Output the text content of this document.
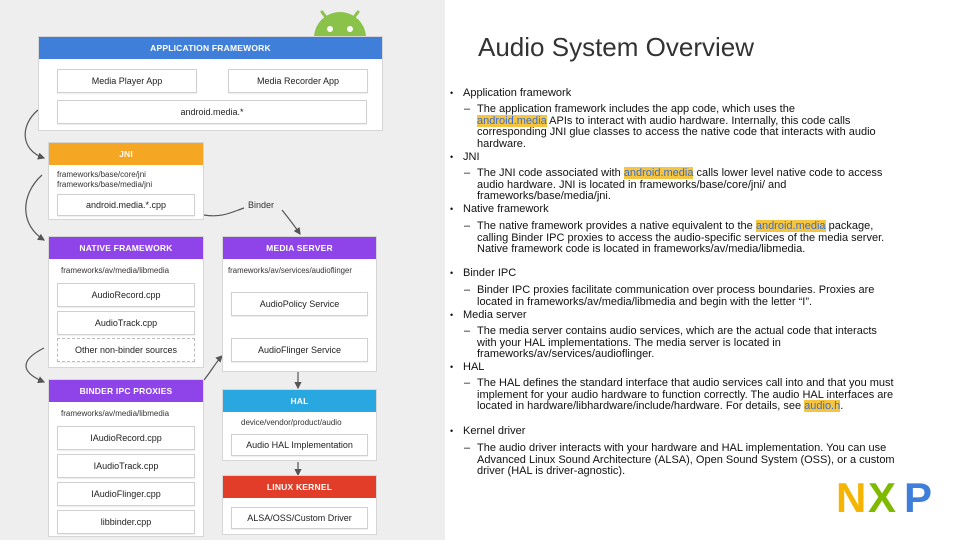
APPLICATION FRAMEWORK
Media Player App	Media Recorder App
android.media.*
JNI
frameworks/base/core/jni
frameworks/base/media/jni
android.media.*.cpp	Binder
NATIVE FRAMEWORK
frameworks/av/media/libmedia
AudioRecord.cpp
AudioTrack.cpp
Other non-binder sources
MEDIA SERVER
frameworks/av/services/audioflinger
AudioPolicy Service
AudioFlinger Service
BINDER IPC PROXIES
frameworks/av/media/libmedia
IAudioRecord.cpp
IAudioTrack.cpp
IAudioFlinger.cpp
libbinder.cpp
HAL
device/vendor/product/audio
Audio HAL Implementation
LINUX KERNEL
ALSA/OSS/Custom Driver
Audio System Overview
• Application framework
– The application framework includes the app code, which uses the
android.media APIs to interact with audio hardware. Internally, this code calls corresponding JNI glue classes to access the native code that interacts with audio hardware.
• JNI
– The JNI code associated with android.media calls lower level native code to access audio hardware. JNI is located in frameworks/base/core/jni/ and frameworks/base/media/jni.
• Native framework
– The native framework provides a native equivalent to the android.media package, calling Binder IPC proxies to access the audio-specific services of the media server. Native framework code is located in frameworks/av/media/libmedia.
• Binder IPC
– Binder IPC proxies facilitate communication over process boundaries. Proxies are located in frameworks/av/media/libmedia and begin with the letter “I”.
• Media server
– The media server contains audio services, which are the actual code that interacts with your HAL implementations. The media server is located in frameworks/av/services/audioflinger.
• HAL
– The HAL defines the standard interface that audio services call into and that you must implement for your audio hardware to function correctly. The audio HAL interfaces are located in hardware/libhardware/include/hardware. For details, see audio.h.
• Kernel driver
– The audio driver interacts with your hardware and HAL implementation. You can use Advanced Linux Sound Architecture (ALSA), Open Sound System (OSS), or a custom driver (HAL is driver-agnostic).
N X P
